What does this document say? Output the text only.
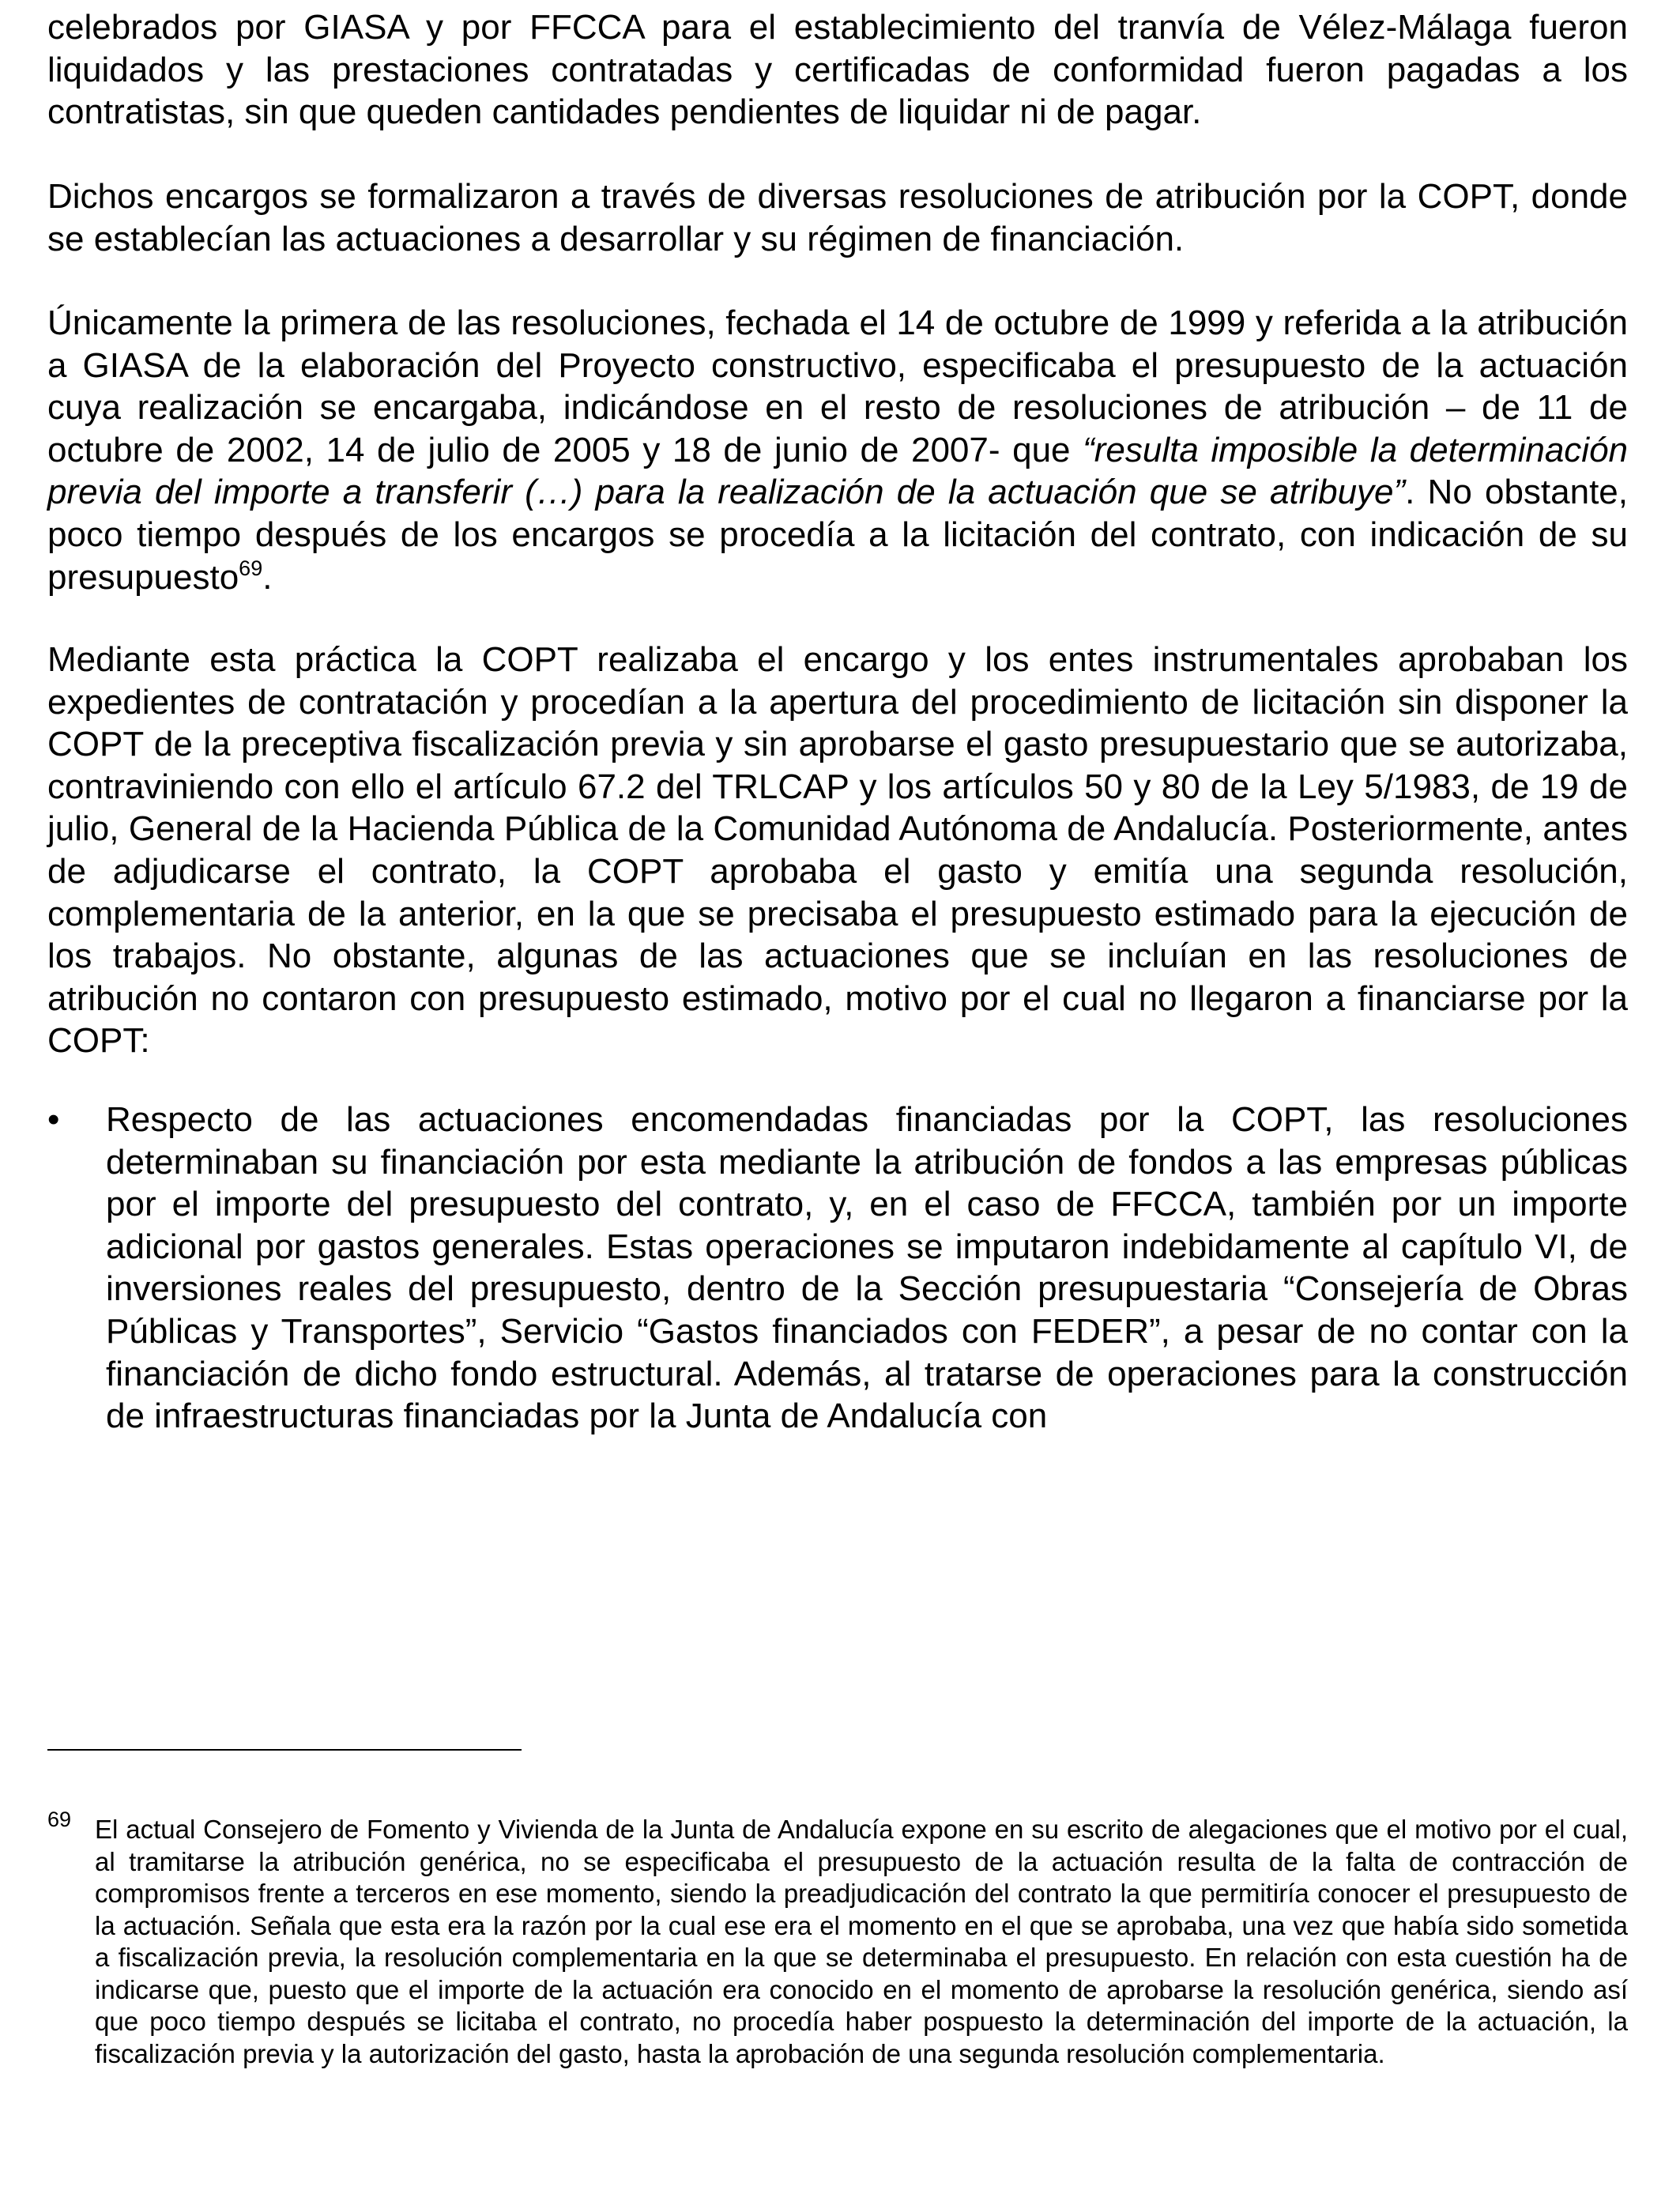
celebrados por GIASA y por FFCCA para el establecimiento del tranvía de Vélez-Málaga fueron liquidados y las prestaciones contratadas y certificadas de conformidad fueron pagadas a los contratistas, sin que queden cantidades pendientes de liquidar ni de pagar.

Dichos encargos se formalizaron a través de diversas resoluciones de atribución por la COPT, donde se establecían las actuaciones a desarrollar y su régimen de financiación.

Únicamente la primera de las resoluciones, fechada el 14 de octubre de 1999 y referida a la atribución a GIASA de la elaboración del Proyecto constructivo, especificaba el presupuesto de la actuación cuya realización se encargaba, indicándose en el resto de resoluciones de atribución – de 11 de octubre de 2002, 14 de julio de 2005 y 18 de junio de 2007- que “resulta imposible la determinación previa del importe a transferir (…) para la realización de la actuación que se atribuye”. No obstante, poco tiempo después de los encargos se procedía a la licitación del contrato, con indicación de su presupuesto$^{69}$.

Mediante esta práctica la COPT realizaba el encargo y los entes instrumentales aprobaban los expedientes de contratación y procedían a la apertura del procedimiento de licitación sin disponer la COPT de la preceptiva fiscalización previa y sin aprobarse el gasto presupuestario que se autorizaba, contraviniendo con ello el artículo 67.2 del TRLCAP y los artículos 50 y 80 de la Ley 5/1983, de 19 de julio, General de la Hacienda Pública de la Comunidad Autónoma de Andalucía. Posteriormente, antes de adjudicarse el contrato, la COPT aprobaba el gasto y emitía una segunda resolución, complementaria de la anterior, en la que se precisaba el presupuesto estimado para la ejecución de los trabajos. No obstante, algunas de las actuaciones que se incluían en las resoluciones de atribución no contaron con presupuesto estimado, motivo por el cual no llegaron a financiarse por la COPT:

• Respecto de las actuaciones encomendadas financiadas por la COPT, las resoluciones determinaban su financiación por esta mediante la atribución de fondos a las empresas públicas por el importe del presupuesto del contrato, y, en el caso de FFCCA, también por un importe adicional por gastos generales. Estas operaciones se imputaron indebidamente al capítulo VI, de inversiones reales del presupuesto, dentro de la Sección presupuestaria “Consejería de Obras Públicas y Transportes”, Servicio “Gastos financiados con FEDER”, a pesar de no contar con la financiación de dicho fondo estructural. Además, al tratarse de operaciones para la construcción de infraestructuras financiadas por la Junta de Andalucía con
69 El actual Consejero de Fomento y Vivienda de la Junta de Andalucía expone en su escrito de alegaciones que el motivo por el cual, al tramitarse la atribución genérica, no se especificaba el presupuesto de la actuación resulta de la falta de contracción de compromisos frente a terceros en ese momento, siendo la preadjudicación del contrato la que permitiría conocer el presupuesto de la actuación. Señala que esta era la razón por la cual ese era el momento en el que se aprobaba, una vez que había sido sometida a fiscalización previa, la resolución complementaria en la que se determinaba el presupuesto. En relación con esta cuestión ha de indicarse que, puesto que el importe de la actuación era conocido en el momento de aprobarse la resolución genérica, siendo así que poco tiempo después se licitaba el contrato, no procedía haber pospuesto la determinación del importe de la actuación, la fiscalización previa y la autorización del gasto, hasta la aprobación de una segunda resolución complementaria.
